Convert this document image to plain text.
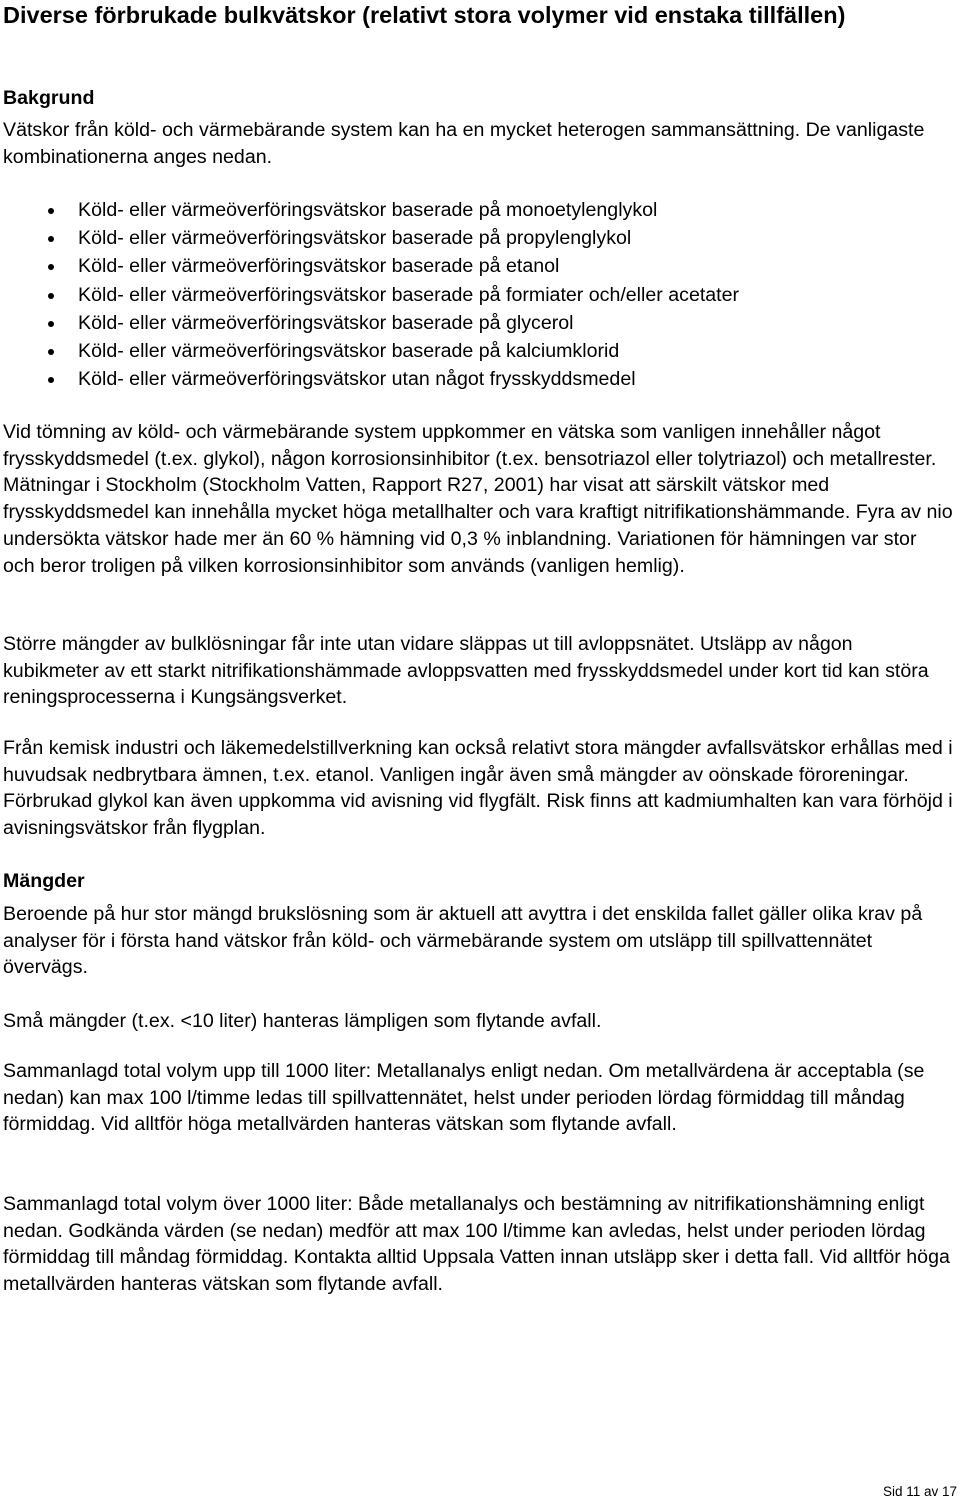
Diverse förbrukade bulkvätskor (relativt stora volymer vid enstaka tillfällen)
Bakgrund

Vätskor från köld- och värmebärande system kan ha en mycket heterogen sammansättning. De vanligaste kombinationerna anges nedan.

Köld- eller värmeöverföringsvätskor baserade på monoetylenglykol
Köld- eller värmeöverföringsvätskor baserade på propylenglykol
Köld- eller värmeöverföringsvätskor baserade på etanol
Köld- eller värmeöverföringsvätskor baserade på formiater och/eller acetater
Köld- eller värmeöverföringsvätskor baserade på glycerol
Köld- eller värmeöverföringsvätskor baserade på kalciumklorid
Köld- eller värmeöverföringsvätskor utan något frysskyddsmedel

Vid tömning av köld- och värmebärande system uppkommer en vätska som vanligen innehåller något frysskyddsmedel (t.ex. glykol), någon korrosionsinhibitor (t.ex. bensotriazol eller tolytriazol) och metallrester. Mätningar i Stockholm (Stockholm Vatten, Rapport R27, 2001) har visat att särskilt vätskor med frysskyddsmedel kan innehålla mycket höga metallhalter och vara kraftigt nitrifikationshämmande. Fyra av nio undersökta vätskor hade mer än 60 % hämning vid 0,3 % inblandning. Variationen för hämningen var stor och beror troligen på vilken korrosionsinhibitor som används (vanligen hemlig).

Större mängder av bulklösningar får inte utan vidare släppas ut till avloppsnätet. Utsläpp av någon kubikmeter av ett starkt nitrifikationshämmade avloppsvatten med frysskyddsmedel under kort tid kan störa reningsprocesserna i Kungsängsverket.

Från kemisk industri och läkemedelstillverkning kan också relativt stora mängder avfallsvätskor erhållas med i huvudsak nedbrytbara ämnen, t.ex. etanol. Vanligen ingår även små mängder av oönskade föroreningar. Förbrukad glykol kan även uppkomma vid avisning vid flygfält. Risk finns att kadmiumhalten kan vara förhöjd i avisningsvätskor från flygplan.

Mängder

Beroende på hur stor mängd brukslösning som är aktuell att avyttra i det enskilda fallet gäller olika krav på analyser för i första hand vätskor från köld- och värmebärande system om utsläpp till spillvattennätet övervägs.

Små mängder (t.ex. <10 liter) hanteras lämpligen som flytande avfall.

Sammanlagd total volym upp till 1000 liter: Metallanalys enligt nedan. Om metallvärdena är acceptabla (se nedan) kan max 100 l/timme ledas till spillvattennätet, helst under perioden lördag förmiddag till måndag förmiddag. Vid alltför höga metallvärden hanteras vätskan som flytande avfall.

Sammanlagd total volym över 1000 liter: Både metallanalys och bestämning av nitrifikationshämning enligt nedan. Godkända värden (se nedan) medför att max 100 l/timme kan avledas, helst under perioden lördag förmiddag till måndag förmiddag. Kontakta alltid Uppsala Vatten innan utsläpp sker i detta fall. Vid alltför höga metallvärden hanteras vätskan som flytande avfall.

Sid 11 av 17
